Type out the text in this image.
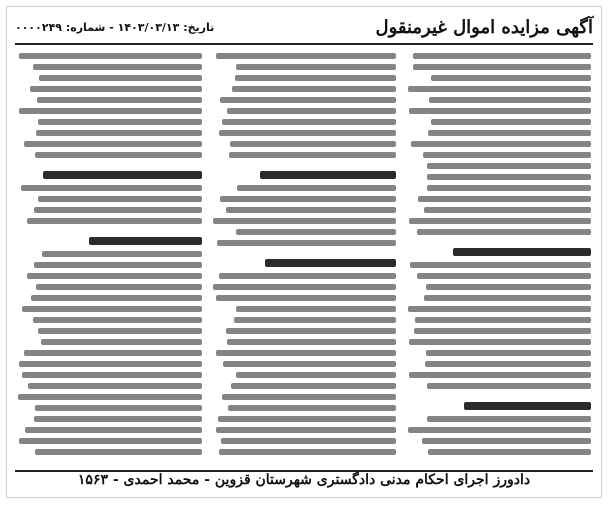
تاریخ: ۱۴۰۳/۰۳/۱۳ - شماره: ۰۰۰۰۲۴۹	آگهی مزایده اموال غیرمنقول
دادورز اجرای احکام مدنی دادگستری شهرستان قزوین - محمد احمدی - ۱۵۶۳
